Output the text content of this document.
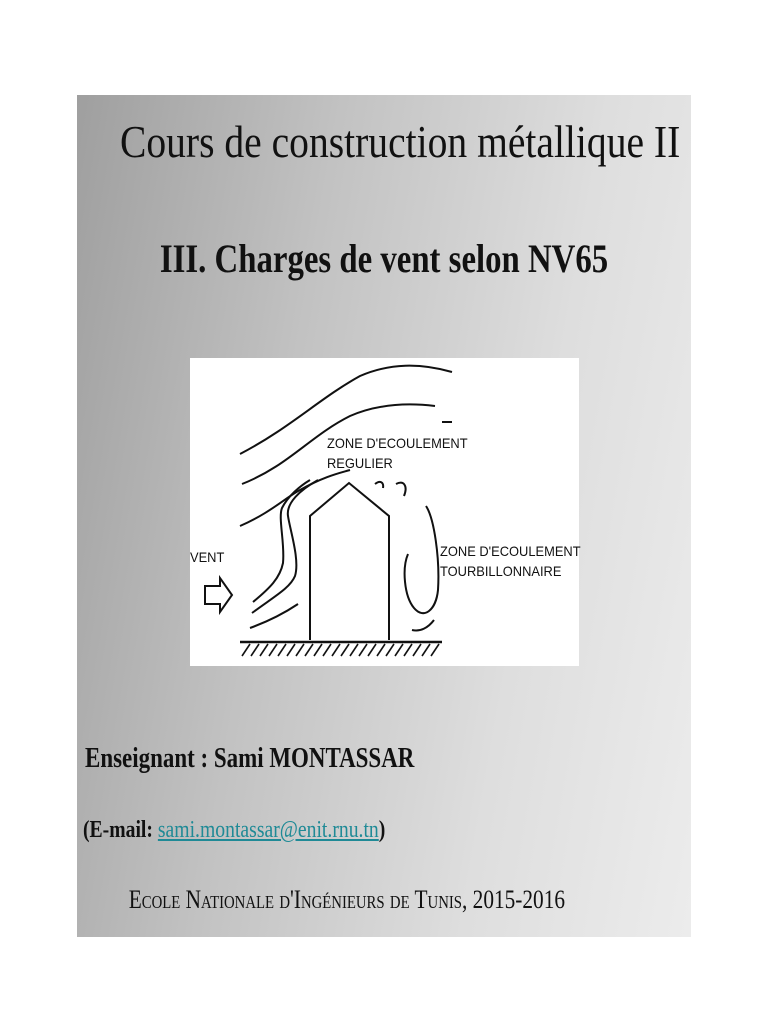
Cours de construction métallique II
III. Charges de vent selon NV65
VENT
ZONE D'ECOULEMENT
REGULIER
ZONE D'ECOULEMENT
TOURBILLONNAIRE
Enseignant : Sami MONTASSAR
(E-mail: sami.montassar@enit.rnu.tn)
Ecole Nationale d'Ingénieurs de Tunis, 2015-2016
